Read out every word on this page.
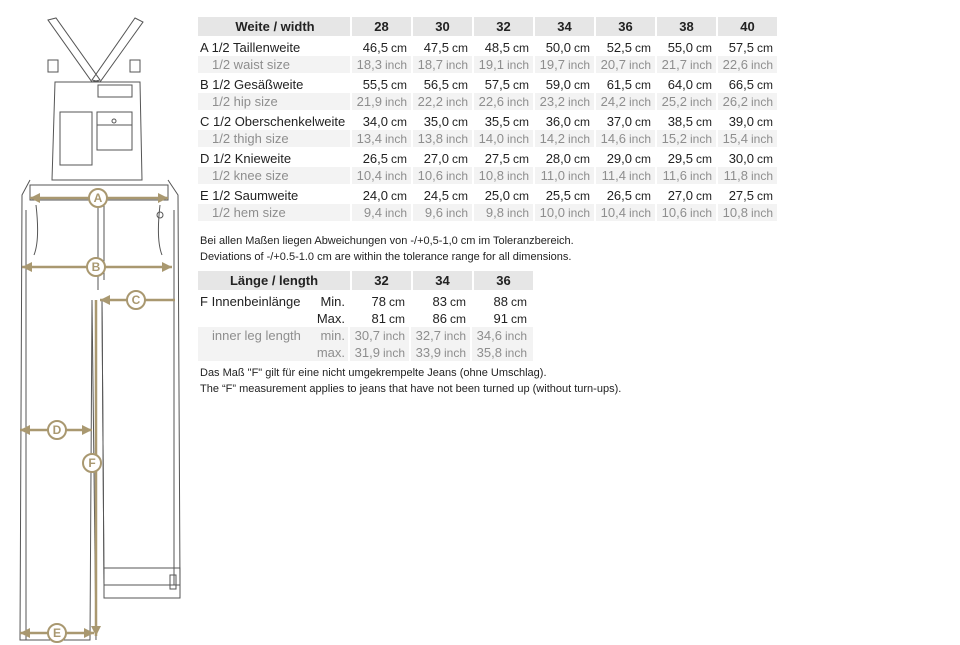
A
B
C
D
E
F
Weite / width	28	30	32	34	36	38	40
A 1/2 Taillenweite	46,5 cm	47,5 cm	48,5 cm	50,0 cm	52,5 cm	55,0 cm	57,5 cm
1/2 waist size	18,3 inch 18,7 inch 19,1 inch 19,7 inch 20,7 inch 21,7 inch 22,6 inch
B 1/2 Gesäßweite	55,5 cm	56,5 cm	57,5 cm	59,0 cm	61,5 cm	64,0 cm	66,5 cm
1/2 hip size	21,9 inch 22,2 inch 22,6 inch 23,2 inch 24,2 inch 25,2 inch 26,2 inch
C 1/2 Oberschenkelweite	34,0 cm	35,0 cm	35,5 cm	36,0 cm	37,0 cm	38,5 cm	39,0 cm
1/2 thigh size	13,4 inch 13,8 inch 14,0 inch 14,2 inch 14,6 inch 15,2 inch 15,4 inch
D 1/2 Knieweite	26,5 cm	27,0 cm	27,5 cm	28,0 cm	29,0 cm	29,5 cm	30,0 cm
1/2 knee size	10,4 inch 10,6 inch 10,8 inch 11,0 inch 11,4 inch 11,6 inch 11,8 inch
E 1/2 Saumweite	24,0 cm	24,5 cm	25,0 cm	25,5 cm	26,5 cm	27,0 cm	27,5 cm
1/2 hem size	9,4 inch	9,6 inch	9,8 inch 10,0 inch 10,4 inch 10,6 inch 10,8 inch
Bei allen Maßen liegen Abweichungen von -/+0,5-1,0 cm im Toleranzbereich.
Deviations of -/+0.5-1.0 cm are within the tolerance range for all dimensions.
Länge / length	32	34	36
F Innenbeinlänge	Min.	78 cm	83 cm	88 cm
Max.	81 cm	86 cm	91 cm
inner leg length	min. 30,7 inch 32,7 inch 34,6 inch
max. 31,9 inch 33,9 inch 35,8 inch
Das Maß "F" gilt für eine nicht umgekrempelte Jeans (ohne Umschlag).
The “F” measurement applies to jeans that have not been turned up (without turn-ups).
